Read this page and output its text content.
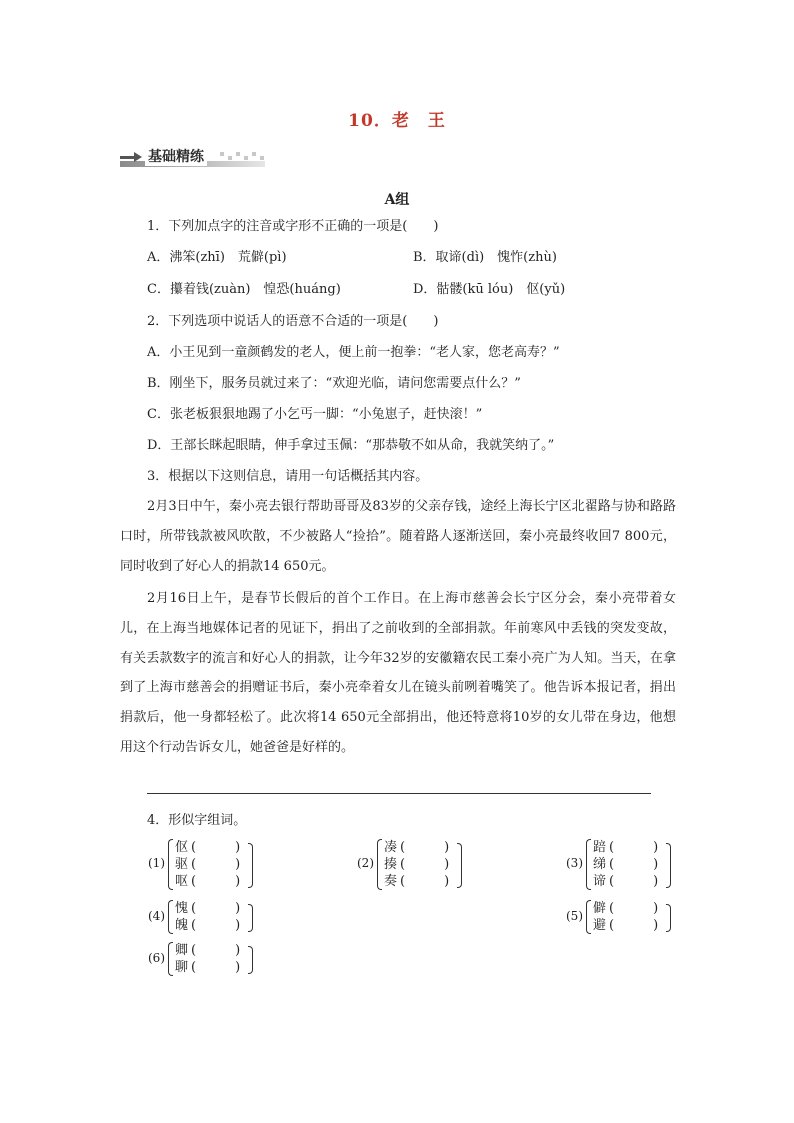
10．老　王
基础精练
A组
1．下列加点字的注音或字形不正确的一项是(　　)
A．沸笨(zhī)　荒僻(pì)	B．取谛(dì)　愧怍(zhù)
C．攥着钱(zuàn)　惶恐(huáng)	D．骷髅(kū lóu)　伛(yǔ)
2．下列选项中说话人的语意不合适的一项是(　　)
A．小王见到一童颜鹤发的老人，便上前一抱拳：“老人家，您老高寿？”
B．刚坐下，服务员就过来了：“欢迎光临，请问您需要点什么？”
C．张老板狠狠地踢了小乞丐一脚：“小兔崽子，赶快滚！”
D．王部长眯起眼睛，伸手拿过玉佩：“那恭敬不如从命，我就笑纳了。”
3．根据以下这则信息，请用一句话概括其内容。

2月3日中午，秦小亮去银行帮助哥哥及83岁的父亲存钱，途经上海长宁区北翟路与协和路路口时，所带钱款被风吹散，不少被路人“捡拾”。随着路人逐渐送回，秦小亮最终收回7 800元，同时收到了好心人的捐款14 650元。

2月16日上午，是春节长假后的首个工作日。在上海市慈善会长宁区分会，秦小亮带着女儿，在上海当地媒体记者的见证下，捐出了之前收到的全部捐款。年前寒风中丢钱的突发变故，有关丢款数字的流言和好心人的捐款，让今年32岁的安徽籍农民工秦小亮广为人知。当天，在拿到了上海市慈善会的捐赠证书后，秦小亮牵着女儿在镜头前咧着嘴笑了。他告诉本报记者，捐出捐款后，他一身都轻松了。此次将14 650元全部捐出，他还特意将10岁的女儿带在身边，他想用这个行动告诉女儿，她爸爸是好样的。

4．形似字组词。
(1)
伛 (　　　)
驱 (　　　)
呕 (　　　)
(2)
凑 (　　　)
揍 (　　　)
奏 (　　　)
(3)
踣 (　　　)
绨 (　　　)
谛 (　　　)
(4) 愧 (　　　)
魄 (　　　)
(5) 僻 (　　　)
避 (　　　)
(6) 卿 (　　　)
聊 (　　　)
